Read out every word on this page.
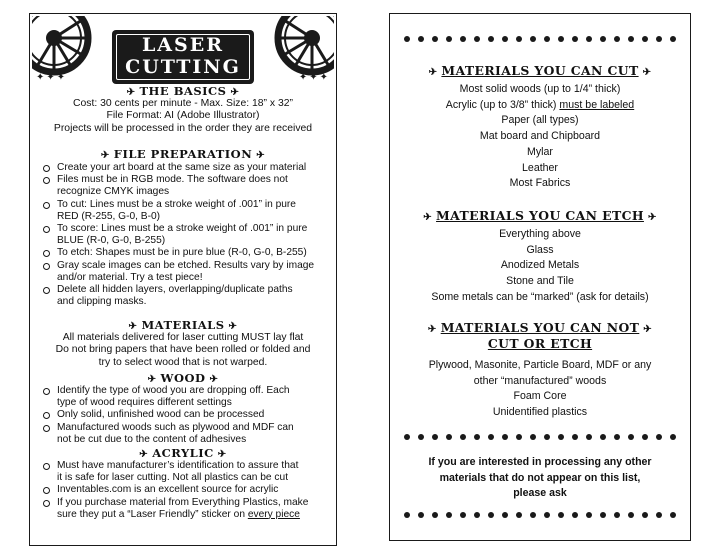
✦✦✦	✦✦✦
LASER
CUTTING
✈ THE BASICS ✈
Cost: 30 cents per minute - Max. Size: 18” x 32”
File Format: AI (Adobe Illustrator)
Projects will be processed in the order they are received
✈ FILE PREPARATION ✈
Create your art board at the same size as your material
Files must be in RGB mode. The software does not
recognize CMYK images
To cut: Lines must be a stroke weight of .001” in pure
RED (R-255, G-0, B-0)
To score: Lines must be a stroke weight of .001” in pure
BLUE (R-0, G-0, B-255)
To etch: Shapes must be in pure blue (R-0, G-0, B-255)
Gray scale images can be etched. Results vary by image
and/or material. Try a test piece!
Delete all hidden layers, overlapping/duplicate paths
and clipping masks.
✈ MATERIALS ✈
All materials delivered for laser cutting MUST lay flat
Do not bring papers that have been rolled or folded and
try to select wood that is not warped.
✈ WOOD ✈
Identify the type of wood you are dropping off. Each
type of wood requires different settings
Only solid, unfinished wood can be processed
Manufactured woods such as plywood and MDF can
not be cut due to the content of adhesives
✈ ACRYLIC ✈
Must have manufacturer’s identification to assure that
it is safe for laser cutting. Not all plastics can be cut
Inventables.com is an excellent source for acrylic
If you purchase material from Everything Plastics, make
sure they put a “Laser Friendly” sticker on every piece
✈ MATERIALS YOU CAN CUT ✈
Most solid woods (up to 1/4” thick)
Acrylic (up to 3/8” thick) must be labeled
Paper (all types)
Mat board and Chipboard
Mylar
Leather
Most Fabrics
✈ MATERIALS YOU CAN ETCH ✈
Everything above
Glass
Anodized Metals
Stone and Tile
Some metals can be “marked” (ask for details)
✈ MATERIALS YOU CAN NOT ✈
CUT OR ETCH
Plywood, Masonite, Particle Board, MDF or any
other “manufactured” woods
Foam Core
Unidentified plastics
If you are interested in processing any other
materials that do not appear on this list,
please ask
